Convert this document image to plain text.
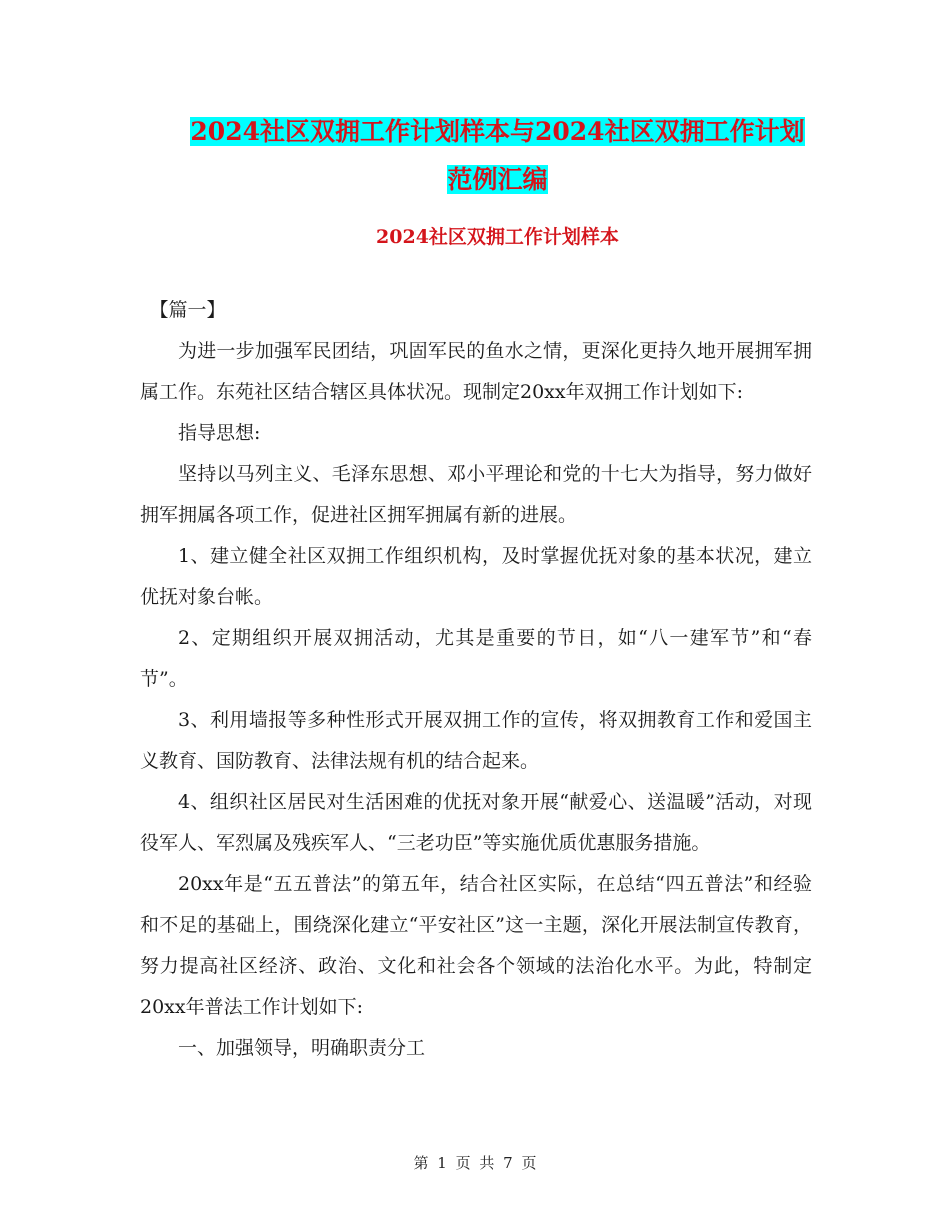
2024社区双拥工作计划样本与2024社区双拥工作计划
范例汇编
2024社区双拥工作计划样本

【篇一】

为进一步加强军民团结，巩固军民的鱼水之情，更深化更持久地开展拥军拥属工作。东苑社区结合辖区具体状况。现制定20xx年双拥工作计划如下:

指导思想:

坚持以马列主义、毛泽东思想、邓小平理论和党的十七大为指导，努力做好拥军拥属各项工作，促进社区拥军拥属有新的进展。

1、建立健全社区双拥工作组织机构，及时掌握优抚对象的基本状况，建立优抚对象台帐。

2、定期组织开展双拥活动，尤其是重要的节日，如“八一建军节”和“春节”。

3、利用墙报等多种性形式开展双拥工作的宣传，将双拥教育工作和爱国主义教育、国防教育、法律法规有机的结合起来。

4、组织社区居民对生活困难的优抚对象开展“献爱心、送温暖”活动，对现役军人、军烈属及残疾军人、“三老功臣”等实施优质优惠服务措施。

20xx年是“五五普法”的第五年，结合社区实际，在总结“四五普法”和经验和不足的基础上，围绕深化建立“平安社区”这一主题，深化开展法制宣传教育，努力提高社区经济、政治、文化和社会各个领域的法治化水平。为此，特制定20xx年普法工作计划如下:

一、加强领导，明确职责分工

第 1 页 共 7 页
